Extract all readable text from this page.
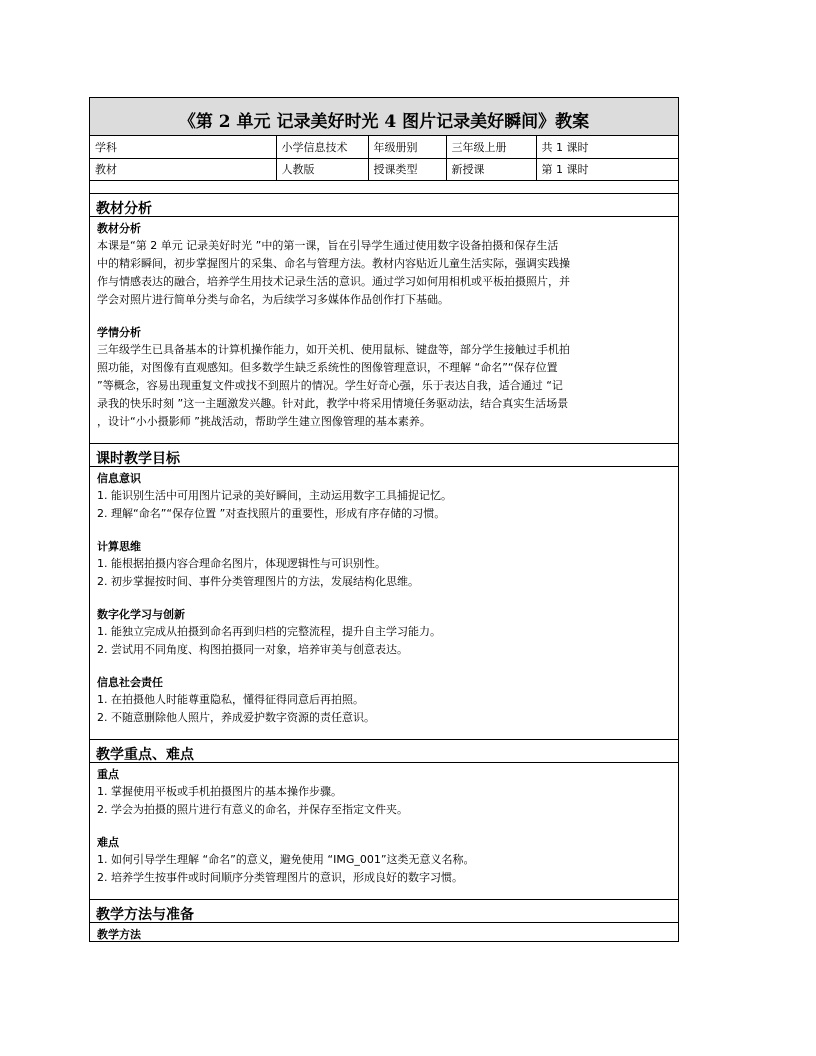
《第 2 单元 记录美好时光 4 图片记录美好瞬间》教案
学科	小学信息技术	年级册别	三年级上册	共 1 课时
教材	人教版	授课类型	新授课	第 1 课时
教材分析
教材分析
本课是“第 2 单元 记录美好时光 ”中的第一课，旨在引导学生通过使用数字设备拍摄和保存生活
中的精彩瞬间，初步掌握图片的采集、命名与管理方法。教材内容贴近儿童生活实际，强调实践操
作与情感表达的融合，培养学生用技术记录生活的意识。通过学习如何用相机或平板拍摄照片，并
学会对照片进行简单分类与命名，为后续学习多媒体作品创作打下基础。
学情分析
三年级学生已具备基本的计算机操作能力，如开关机、使用鼠标、键盘等，部分学生接触过手机拍
照功能，对图像有直观感知。但多数学生缺乏系统性的图像管理意识，不理解 “命名”“保存位置
”等概念，容易出现重复文件或找不到照片的情况。学生好奇心强，乐于表达自我，适合通过 “记
录我的快乐时刻 ”这一主题激发兴趣。针对此，教学中将采用情境任务驱动法，结合真实生活场景
，设计“小小摄影师 ”挑战活动，帮助学生建立图像管理的基本素养。
课时教学目标
信息意识
1. 能识别生活中可用图片记录的美好瞬间，主动运用数字工具捕捉记忆。
2. 理解“命名”“保存位置 ”对查找照片的重要性，形成有序存储的习惯。
计算思维
1. 能根据拍摄内容合理命名图片，体现逻辑性与可识别性。
2. 初步掌握按时间、事件分类管理图片的方法，发展结构化思维。
数字化学习与创新
1. 能独立完成从拍摄到命名再到归档的完整流程，提升自主学习能力。
2. 尝试用不同角度、构图拍摄同一对象，培养审美与创意表达。
信息社会责任
1. 在拍摄他人时能尊重隐私，懂得征得同意后再拍照。
2. 不随意删除他人照片，养成爱护数字资源的责任意识。
教学重点、难点
重点
1. 掌握使用平板或手机拍摄图片的基本操作步骤。
2. 学会为拍摄的照片进行有意义的命名，并保存至指定文件夹。
难点
1. 如何引导学生理解 “命名”的意义，避免使用 “IMG_001”这类无意义名称。
2. 培养学生按事件或时间顺序分类管理图片的意识，形成良好的数字习惯。
教学方法与准备
教学方法
